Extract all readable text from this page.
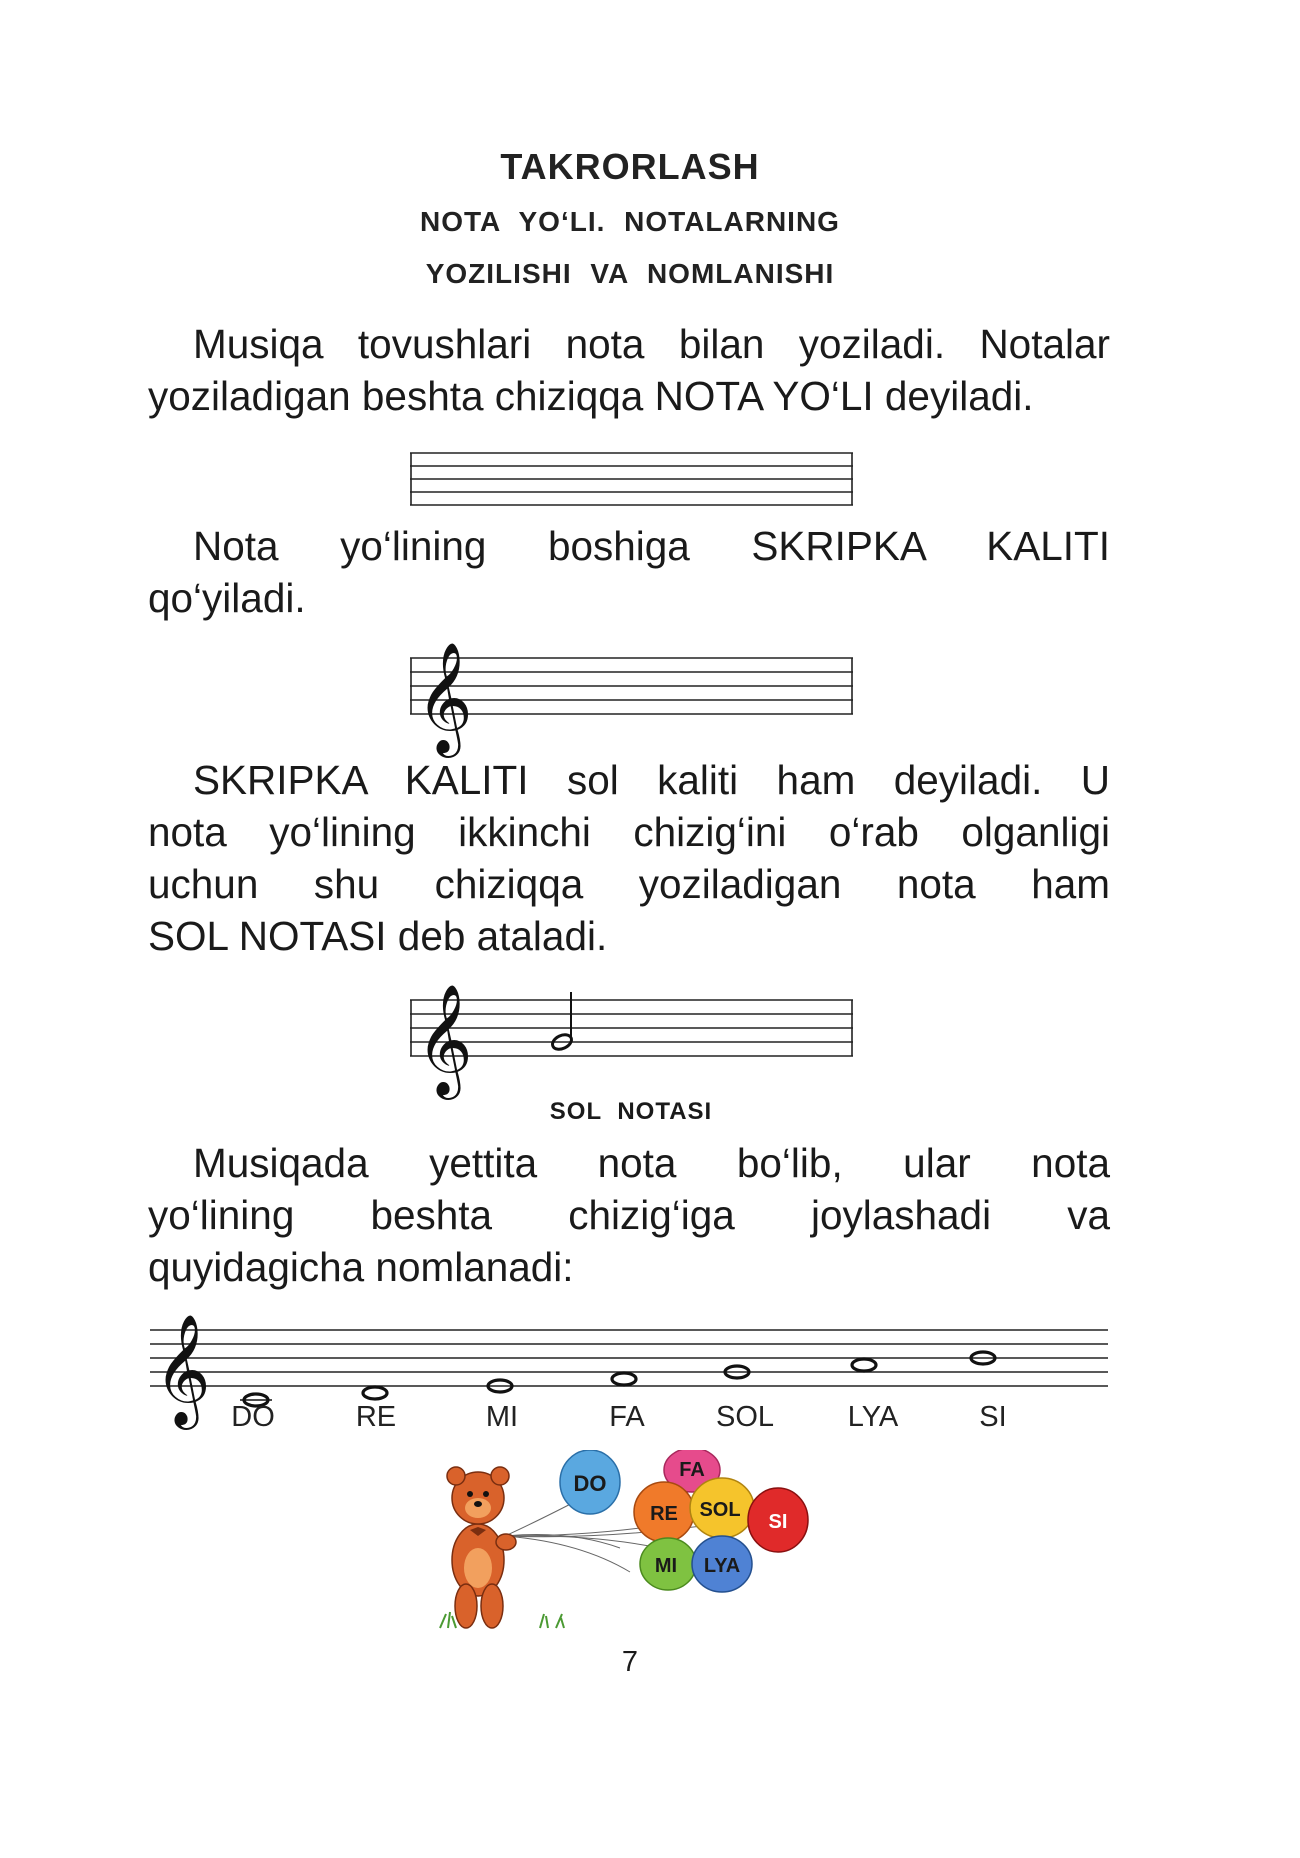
TAKRORLASH
NOTA YO‘LI. NOTALARNING
YOZILISHI VA NOMLANISHI
Musiqa tovushlari nota bilan yoziladi. Notalar
yoziladigan beshta chiziqqa NOTA YO‘LI deyiladi.
Nota yo‘lining boshiga SKRIPKA KALITI
qo‘yiladi.
𝄞
SKRIPKA KALITI sol kaliti ham deyiladi. U
nota yo‘lining ikkinchi chizig‘ini o‘rab olganligi
uchun shu chiziqqa yoziladigan nota ham
SOL NOTASI deb ataladi.
𝄞
SOL NOTASI
Musiqada yettita nota bo‘lib, ular nota
yo‘lining beshta chizig‘iga joylashadi va
quyidagicha nomlanadi:
𝄞 DO	RE	MI	FA SOL	LYA	SI
DO
FA
RE SOL
SI
MI LYA
7
